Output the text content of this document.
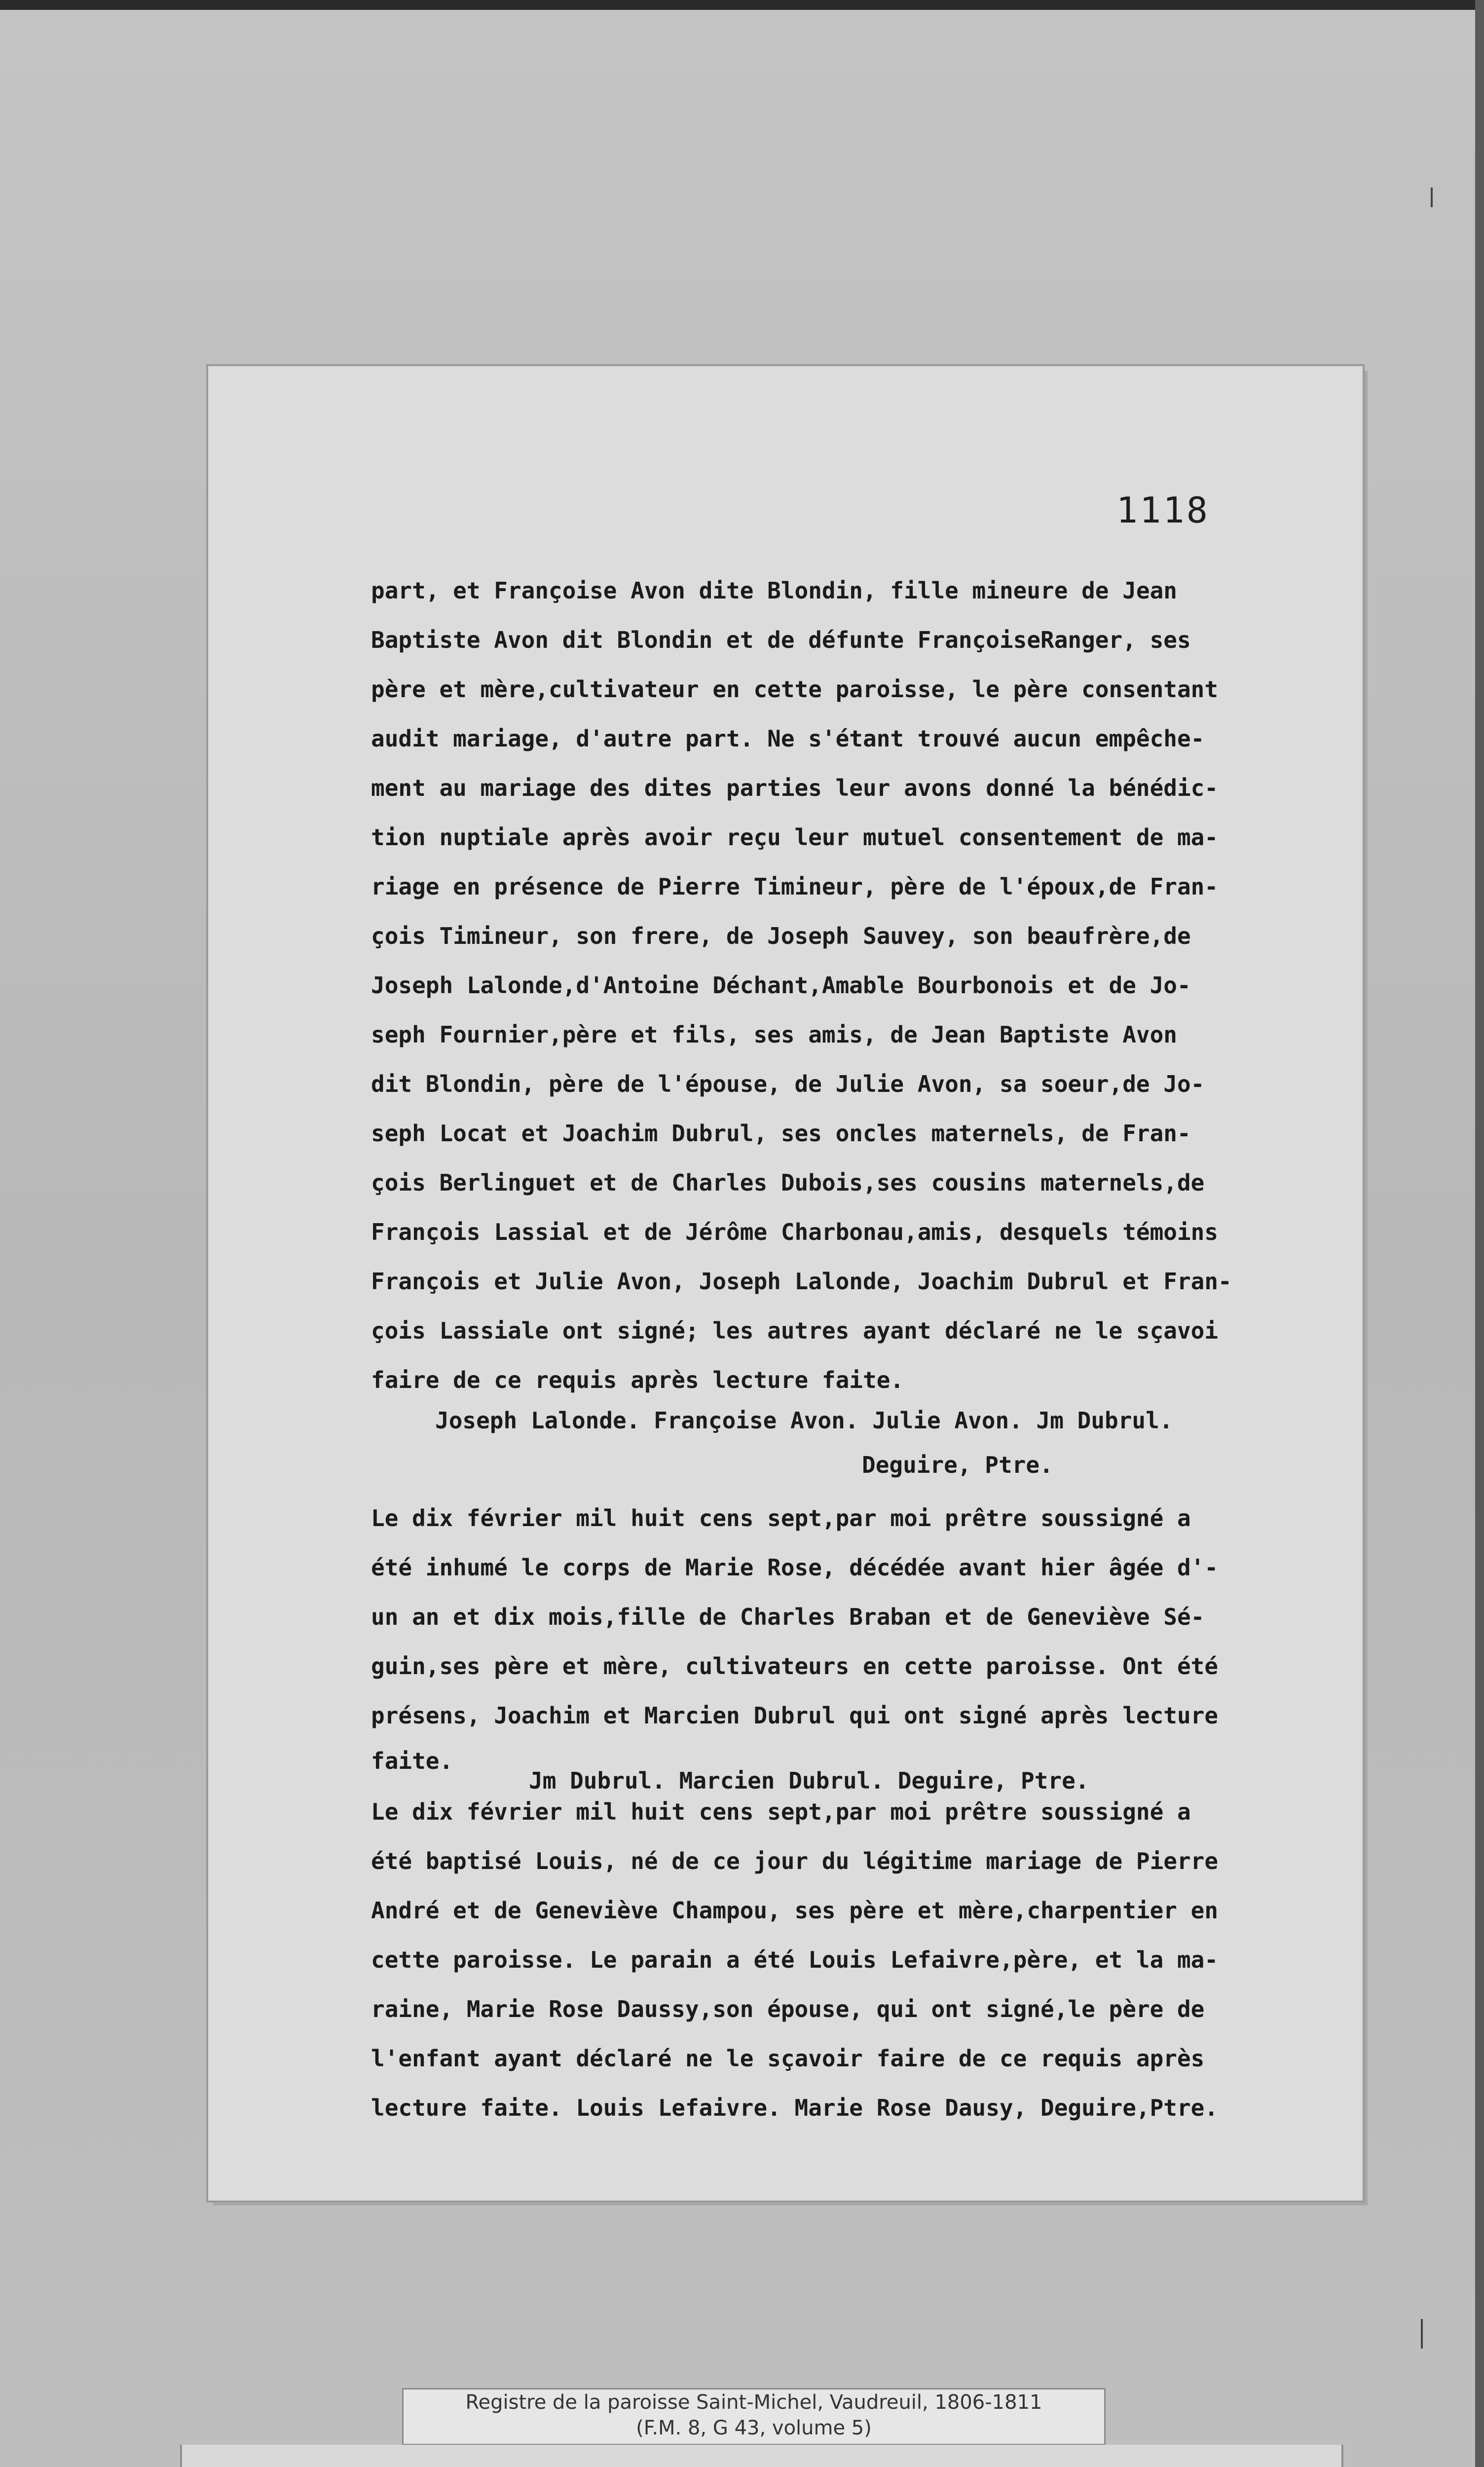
1118

part, et Françoise Avon dite Blondin, fille mineure de Jean

Baptiste Avon dit Blondin et de défunte FrançoiseRanger, ses

père et mère,cultivateur en cette paroisse, le père consentant

audit mariage, d'autre part. Ne s'étant trouvé aucun empêche-

ment au mariage des dites parties leur avons donné la bénédic-

tion nuptiale après avoir reçu leur mutuel consentement de ma-

riage en présence de Pierre Timineur, père de l'époux,de Fran-

çois Timineur, son frere, de Joseph Sauvey, son beaufrère,de

Joseph Lalonde,d'Antoine Déchant,Amable Bourbonois et de Jo-

seph Fournier,père et fils, ses amis, de Jean Baptiste Avon

dit Blondin, père de l'épouse, de Julie Avon, sa soeur,de Jo-

seph Locat et Joachim Dubrul, ses oncles maternels, de Fran-

çois Berlinguet et de Charles Dubois,ses cousins maternels,de

François Lassial et de Jérôme Charbonau,amis, desquels témoins

François et Julie Avon, Joseph Lalonde, Joachim Dubrul et Fran-

çois Lassiale ont signé; les autres ayant déclaré ne le sçavoi

faire de ce requis après lecture faite.

Joseph Lalonde. Françoise Avon. Julie Avon. Jm Dubrul.
Deguire, Ptre.

Le dix février mil huit cens sept,par moi prêtre soussigné a

été inhumé le corps de Marie Rose, décédée avant hier âgée d'-

un an et dix mois,fille de Charles Braban et de Geneviève Sé-

guin,ses père et mère, cultivateurs en cette paroisse. Ont été

présens, Joachim et Marcien Dubrul qui ont signé après lecture

faite.
Jm Dubrul. Marcien Dubrul. Deguire, Ptre.

Le dix février mil huit cens sept,par moi prêtre soussigné a

été baptisé Louis, né de ce jour du légitime mariage de Pierre

André et de Geneviève Champou, ses père et mère,charpentier en

cette paroisse. Le parain a été Louis Lefaivre,père, et la ma-

raine, Marie Rose Daussy,son épouse, qui ont signé,le père de

l'enfant ayant déclaré ne le sçavoir faire de ce requis après

lecture faite. Louis Lefaivre. Marie Rose Dausy, Deguire,Ptre.

Registre de la paroisse Saint-Michel, Vaudreuil, 1806-1811
(F.M. 8, G 43, volume 5)
